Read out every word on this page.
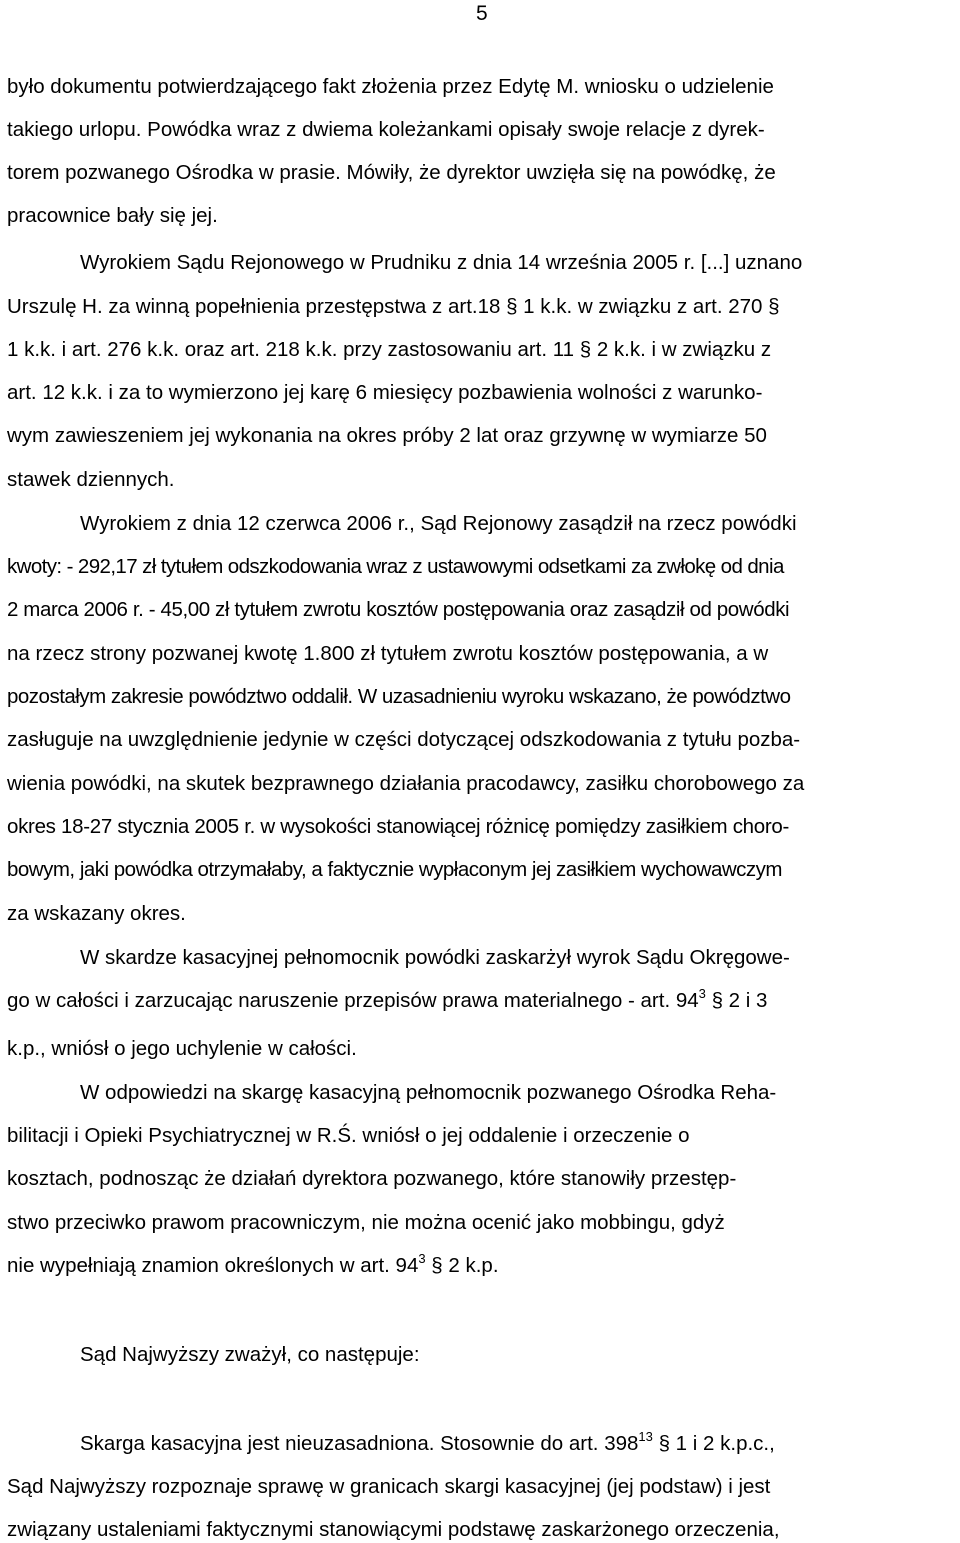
5
było dokumentu potwierdzającego fakt złożenia przez Edytę M. wniosku o udzielenie
takiego urlopu. Powódka wraz z dwiema koleżankami opisały swoje relacje z dyrek-
torem pozwanego Ośrodka w prasie. Mówiły, że dyrektor uwzięła się na powódkę, że
pracownice bały się jej.
Wyrokiem Sądu Rejonowego w Prudniku z dnia 14 września 2005 r. [...] uznano
Urszulę H. za winną popełnienia przestępstwa z art.18 § 1 k.k. w związku z art. 270 §
1 k.k. i art. 276 k.k. oraz art. 218 k.k. przy zastosowaniu art. 11 § 2 k.k. i w związku z
art. 12 k.k. i za to wymierzono jej karę 6 miesięcy pozbawienia wolności z warunko-
wym zawieszeniem jej wykonania na okres próby 2 lat oraz grzywnę w wymiarze 50
stawek dziennych.
Wyrokiem z dnia 12 czerwca 2006 r., Sąd Rejonowy zasądził na rzecz powódki
kwoty: - 292,17 zł tytułem odszkodowania wraz z ustawowymi odsetkami za zwłokę od dnia
2 marca 2006 r. - 45,00 zł tytułem zwrotu kosztów postępowania oraz zasądził od powódki
na rzecz strony pozwanej kwotę 1.800 zł tytułem zwrotu kosztów postępowania, a w
pozostałym zakresie powództwo oddalił. W uzasadnieniu wyroku wskazano, że powództwo
zasługuje na uwzględnienie jedynie w części dotyczącej odszkodowania z tytułu pozba-
wienia powódki, na skutek bezprawnego działania pracodawcy, zasiłku chorobowego za
okres 18-27 stycznia 2005 r. w wysokości stanowiącej różnicę pomiędzy zasiłkiem choro-
bowym, jaki powódka otrzymałaby, a faktycznie wypłaconym jej zasiłkiem wychowawczym
za wskazany okres.
W skardze kasacyjnej pełnomocnik powódki zaskarżył wyrok Sądu Okręgowe-
go w całości i zarzucając naruszenie przepisów prawa materialnego - art. $94^3$ § 2 i 3
k.p., wniósł o jego uchylenie w całości.
W odpowiedzi na skargę kasacyjną pełnomocnik pozwanego Ośrodka Reha-
bilitacji i Opieki Psychiatrycznej w R.Ś. wniósł o jej oddalenie i orzeczenie o
kosztach, podnosząc że działań dyrektora pozwanego, które stanowiły przestęp-
stwo przeciwko prawom pracowniczym, nie można ocenić jako mobbingu, gdyż
nie wypełniają znamion określonych w art. $94^3$ § 2 k.p.
Sąd Najwyższy zważył, co następuje:
Skarga kasacyjna jest nieuzasadniona. Stosownie do art. $398^{13}$ § 1 i 2 k.p.c.,
Sąd Najwyższy rozpoznaje sprawę w granicach skargi kasacyjnej (jej podstaw) i jest
związany ustaleniami faktycznymi stanowiącymi podstawę zaskarżonego orzeczenia,
